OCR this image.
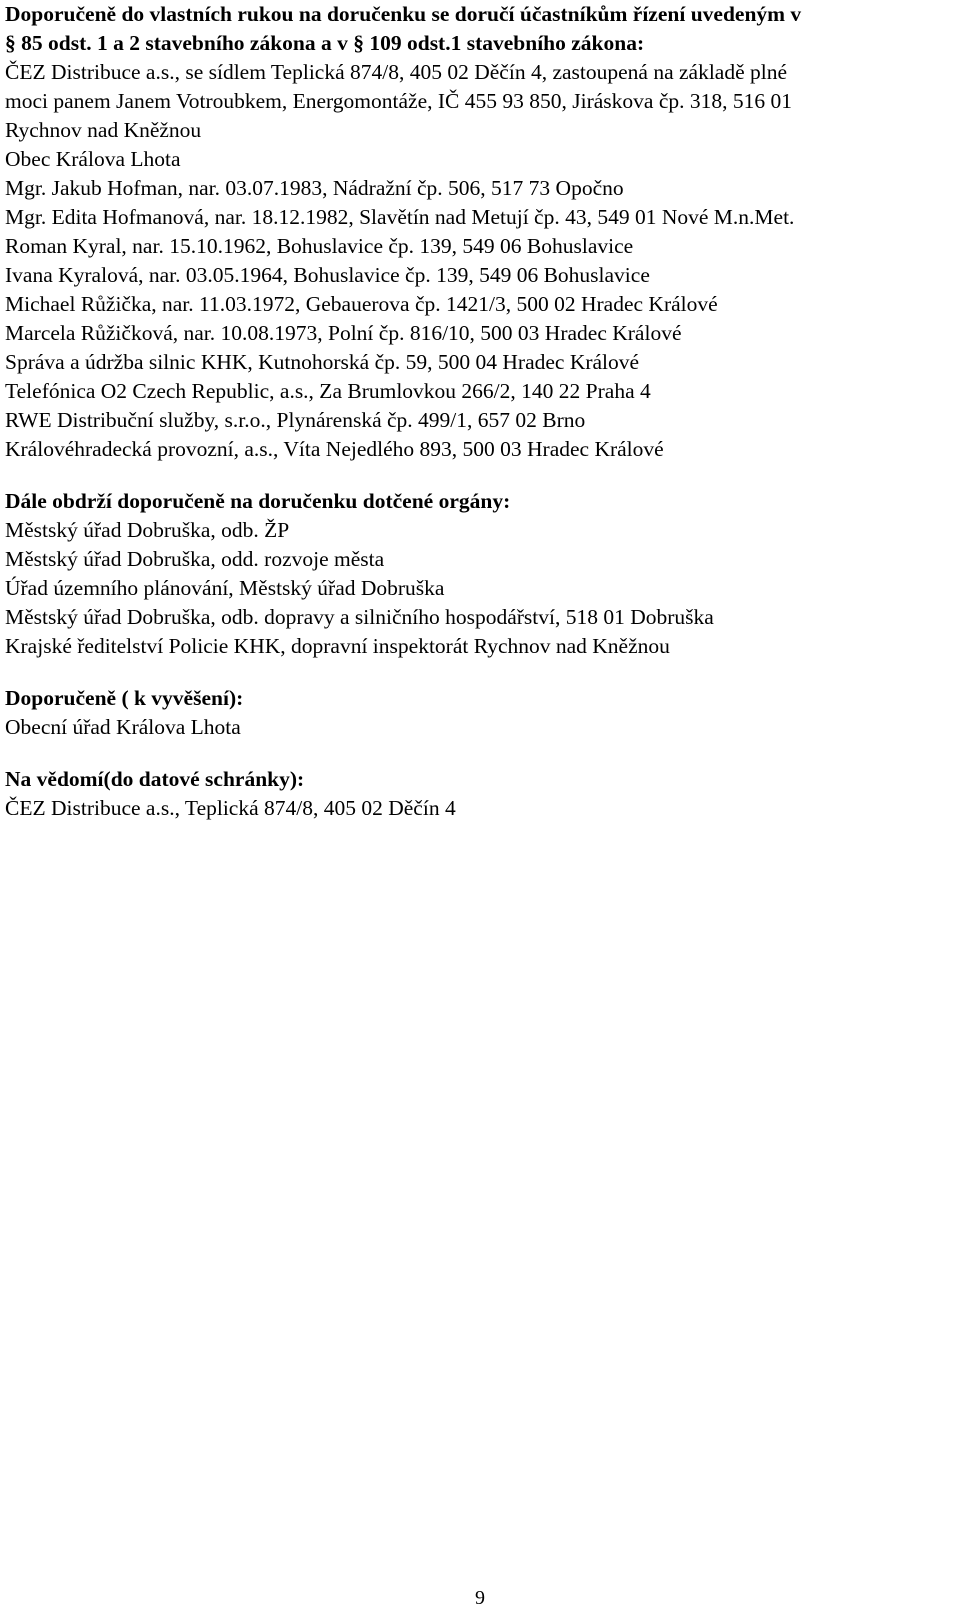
Doporučeně do vlastních rukou na doručenku se doručí účastníkům řízení uvedeným v
§ 85 odst. 1 a 2 stavebního zákona a v § 109 odst.1 stavebního zákona:
ČEZ Distribuce a.s., se sídlem Teplická 874/8, 405 02 Děčín 4, zastoupená na základě plné
moci panem Janem Votroubkem, Energomontáže, IČ 455 93 850, Jiráskova čp. 318, 516 01
Rychnov nad Kněžnou
Obec Králova Lhota
Mgr. Jakub Hofman, nar. 03.07.1983, Nádražní čp. 506, 517 73 Opočno
Mgr. Edita Hofmanová, nar. 18.12.1982, Slavětín nad Metují čp. 43, 549 01 Nové M.n.Met.
Roman Kyral, nar. 15.10.1962, Bohuslavice čp. 139, 549 06 Bohuslavice
Ivana Kyralová, nar. 03.05.1964, Bohuslavice čp. 139, 549 06 Bohuslavice
Michael Růžička, nar. 11.03.1972, Gebauerova čp. 1421/3, 500 02 Hradec Králové
Marcela Růžičková, nar. 10.08.1973, Polní čp. 816/10, 500 03 Hradec Králové
Správa a údržba silnic KHK, Kutnohorská čp. 59, 500 04 Hradec Králové
Telefónica O2 Czech Republic, a.s., Za Brumlovkou 266/2, 140 22 Praha 4
RWE Distribuční služby, s.r.o., Plynárenská čp. 499/1, 657 02 Brno
Královéhradecká provozní, a.s., Víta Nejedlého 893, 500 03 Hradec Králové
Dále obdrží doporučeně na doručenku dotčené orgány:
Městský úřad Dobruška, odb. ŽP
Městský úřad Dobruška, odd. rozvoje města
Úřad územního plánování, Městský úřad Dobruška
Městský úřad Dobruška, odb. dopravy a silničního hospodářství, 518 01 Dobruška
Krajské ředitelství Policie KHK, dopravní inspektorát Rychnov nad Kněžnou
Doporučeně ( k vyvěšení):
Obecní úřad Králova Lhota
Na vědomí(do datové schránky):
ČEZ Distribuce a.s., Teplická 874/8, 405 02 Děčín 4
9
